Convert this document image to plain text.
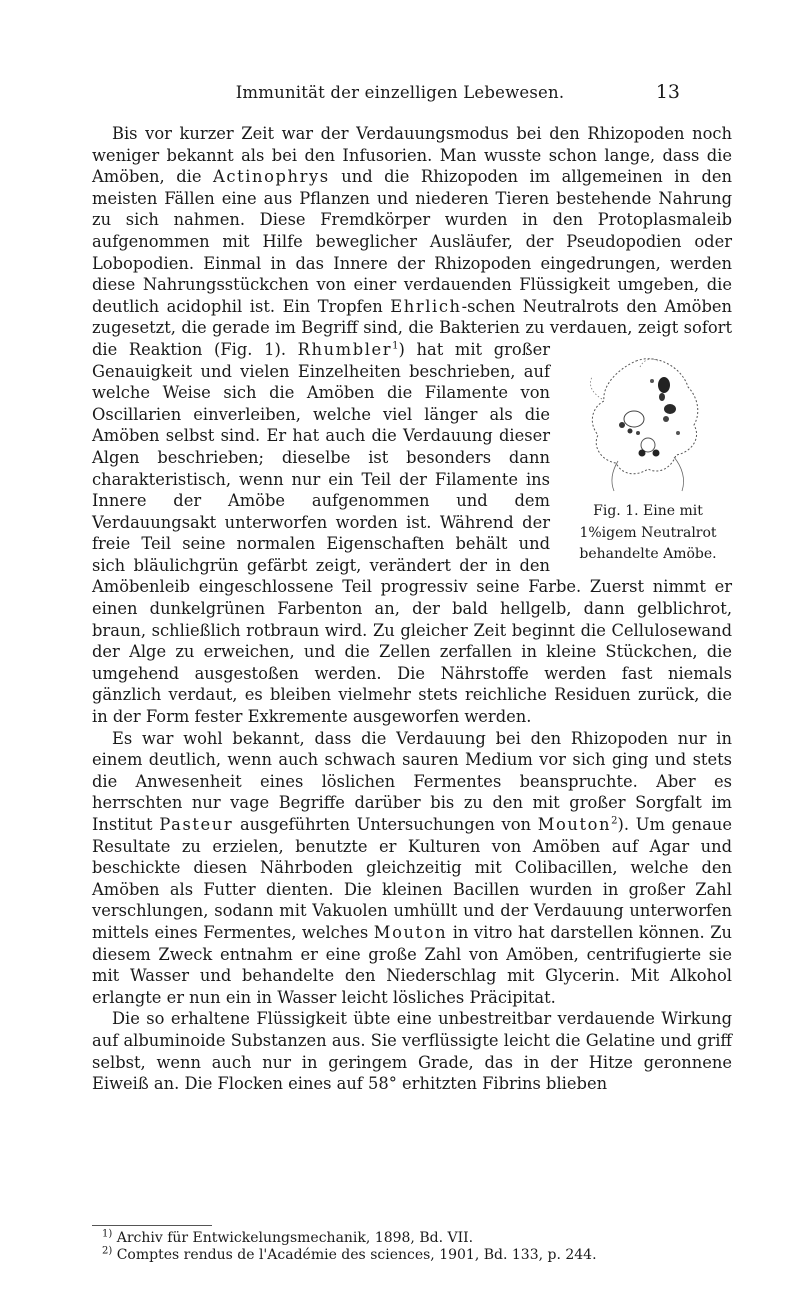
Immunität der einzelligen Lebewesen.	13

Bis vor kurzer Zeit war der Verdauungsmodus bei den Rhizopoden noch weniger bekannt als bei den Infusorien. Man wusste schon lange, dass die Amöben, die Actinophrys und die Rhizopoden im allgemeinen in den meisten Fällen eine aus Pflanzen und niederen Tieren bestehende Nahrung zu sich nahmen. Diese Fremdkörper wurden in den Protoplasmaleib aufgenommen mit Hilfe beweglicher Ausläufer, der Pseudopodien oder Lobopodien. Einmal in das Innere der Rhizopoden eingedrungen, werden diese Nahrungsstückchen von einer verdauenden Flüssigkeit umgeben, die deutlich acidophil ist. Ein Tropfen Ehrlich-schen Neutralrots den Amöben zugesetzt, die gerade im Begriff sind, die Bakterien zu verdauen, zeigt sofort die Reaktion (Fig. 1).
Fig. 1. Eine mit 1%igem Neutralrot behandelte Amöbe.
Rhumbler$^1$) hat mit großer Genauigkeit und vielen Einzelheiten beschrieben, auf welche Weise sich die Amöben die Filamente von Oscillarien einverleiben, welche viel länger als die Amöben selbst sind. Er hat auch die Verdauung dieser Algen beschrieben; dieselbe ist besonders dann charakteristisch, wenn nur ein Teil der Filamente ins Innere der Amöbe aufgenommen und dem Verdauungsakt unterworfen worden ist. Während der freie Teil seine normalen Eigenschaften behält und sich bläulichgrün gefärbt zeigt, verändert der in den Amöbenleib eingeschlossene Teil progressiv seine Farbe. Zuerst nimmt er einen dunkelgrünen Farbenton an, der bald hellgelb, dann gelblichrot, braun, schließlich rotbraun wird. Zu gleicher Zeit beginnt die Cellulosewand der Alge zu erweichen, und die Zellen zerfallen in kleine Stückchen, die umgehend ausgestoßen werden. Die Nährstoffe werden fast niemals gänzlich verdaut, es bleiben vielmehr stets reichliche Residuen zurück, die in der Form fester Exkremente ausgeworfen werden.

Es war wohl bekannt, dass die Verdauung bei den Rhizopoden nur in einem deutlich, wenn auch schwach sauren Medium vor sich ging und stets die Anwesenheit eines löslichen Fermentes beanspruchte. Aber es herrschten nur vage Begriffe darüber bis zu den mit großer Sorgfalt im Institut Pasteur ausgeführten Untersuchungen von Mouton$^2$). Um genaue Resultate zu erzielen, benutzte er Kulturen von Amöben auf Agar und beschickte diesen Nährboden gleichzeitig mit Colibacillen, welche den Amöben als Futter dienten. Die kleinen Bacillen wurden in großer Zahl verschlungen, sodann mit Vakuolen umhüllt und der Verdauung unterworfen mittels eines Fermentes, welches Mouton in vitro hat darstellen können. Zu diesem Zweck entnahm er eine große Zahl von Amöben, centrifugierte sie mit Wasser und behandelte den Niederschlag mit Glycerin. Mit Alkohol erlangte er nun ein in Wasser leicht lösliches Präcipitat.

Die so erhaltene Flüssigkeit übte eine unbestreitbar verdauende Wirkung auf albuminoide Substanzen aus. Sie verflüssigte leicht die Gelatine und griff selbst, wenn auch nur in geringem Grade, das in der Hitze geronnene Eiweiß an. Die Flocken eines auf 58° erhitzten Fibrins blieben

$^{1)}$ Archiv für Entwickelungsmechanik, 1898, Bd. VII.
$^{2)}$ Comptes rendus de l'Académie des sciences, 1901, Bd. 133, p. 244.
